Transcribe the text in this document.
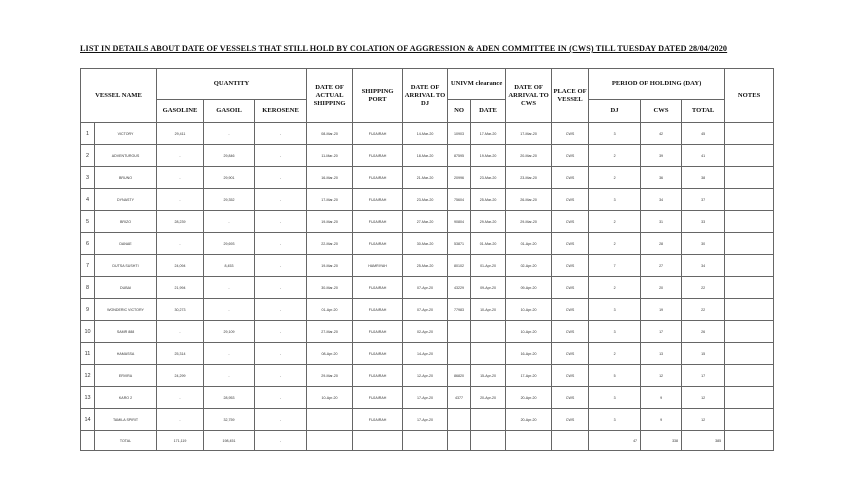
LIST IN DETAILS ABOUT DATE OF VESSELS THAT STILL HOLD BY COLATION OF AGGRESSION & ADEN COMMITTEE IN (CWS) TILL TUESDAY DATED 28/04/2020
VESSEL NAME		QUANTITY			DATE OF ACTUAL SHIPPING	SHIPPING PORT	DATE OF ARRIVAL TO DJ	UNIVM clearance		DATE OF ARRIVAL TO CWS	PLACE OF VESSEL	PERIOD OF HOLDING (DAY)			NOTES
		GASOLINE	GASOIL	KEROSENE				NO	DATE			DJ	CWS	TOTAL	
1	VICTORY	29,411	-	-	08-Mar-20	FUJAIRAH	14-Mar-20	10903	17-Mar-20	17-Mar-20	CWS	3	42	45	
2	ADVENTUROUS	-	29,846	-	11-Mar-20	FUJAIRAH	18-Mar-20	87595	19-Mar-20	20-Mar-20	CWS	2	39	41	
3	BRUNO	-	29,901	-	16-Mar-20	FUJAIRAH	21-Mar-20	20996	23-Mar-20	23-Mar-20	CWS	2	36	38	
4	DYNASTY	-	29,352	-	17-Mar-20	FUJAIRAH	23-Mar-20	75604	25-Mar-20	26-Mar-20	CWS	3	34	37	
5	BRIZO	28,239	-	-	19-Mar-20	FUJAIRAH	27-Mar-20	90804	29-Mar-20	29-Mar-20	CWS	2	31	33	
6	DANAE	-	29,693	-	22-Mar-20	FUJAIRAH	30-Mar-20	53871	01-Mar-20	01-Apr-20	CWS	2	28	30	
7	DUTSA SUSHTI	24,094	8,453	-	19-Mar-20	HAMRIYAH	25-Mar-20	80102	01-Apr-20	02-Apr-20	CWS	7	27	34	
8	DUBAI	21,994	-	-	30-Mar-20	FUJAIRAH	07-Apr-20	43229	09-Apr-20	09-Apr-20	CWS	2	20	22	
9	WONDERIC VICTORY	30,273	-	-	01-Apr-20	FUJAIRAH	07-Apr-20	77983	10-Apr-20	10-Apr-20	CWS	3	19	22	
10	SAMR 888	-	29,109	-	27-Mar-20	FUJAIRAH	02-Apr-20			10-Apr-20	CWS	3	17	26	
11	HAMASSA	25,314	-	-	08-Apr-20	FUJAIRAH	14-Apr-20			16-Apr-20	CWS	2	13	15	
12	ERVIRA	24,299	-	-	29-Mar-20	FUJAIRAH	12-Apr-20	86820	15-Apr-20	17-Apr-20	CWS	5	12	17	
13	KARO 2	-	28,953	-	10-Apr-20	FUJAIRAH	17-Apr-20	4377	20-Apr-20	20-Apr-20	CWS	3	9	12	
14	TAMILA SPIRIT	-	32,759	-		FUJAIRAH	17-Apr-20			20-Apr-20	CWS	3	9	12	
	TOTAL	171,119	198,451	-								47	338	385	
